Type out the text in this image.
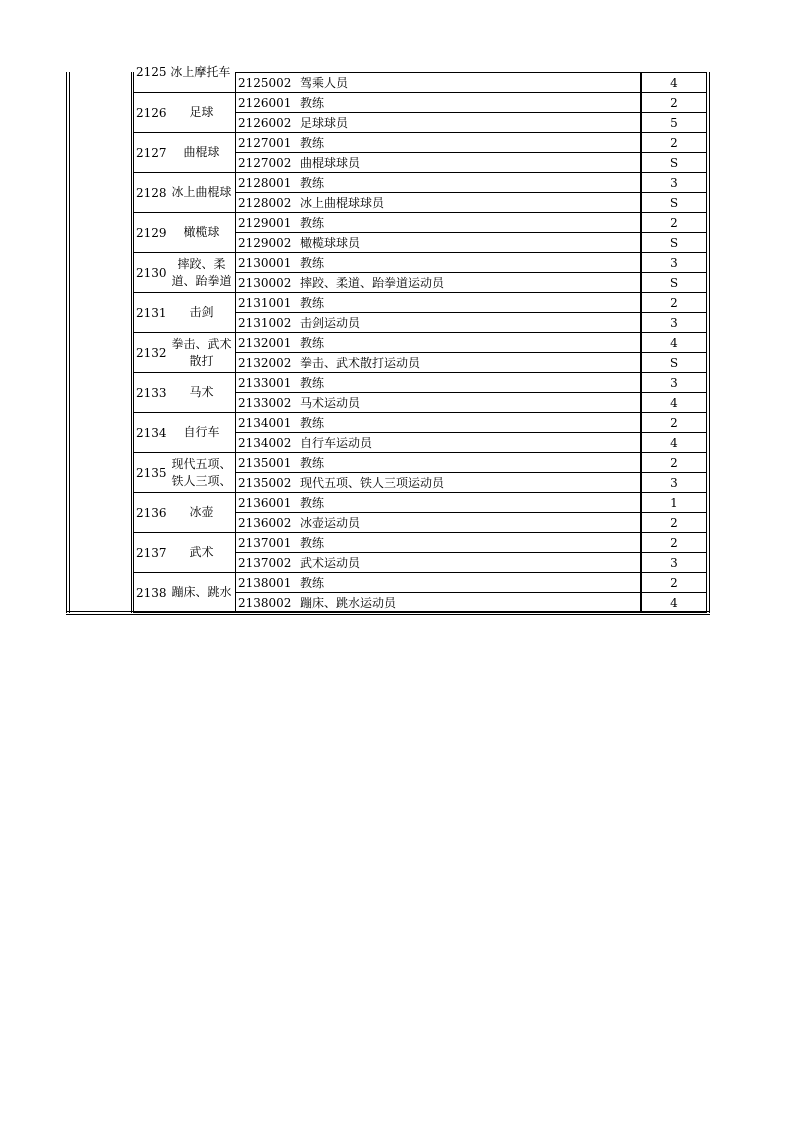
2125 冰上摩托车
2125002 驾乘人员	4
2126	足球
2126001 教练	2
2126002 足球球员	5
2127	曲棍球
2127001 教练	2
2127002 曲棍球球员	S
2128 冰上曲棍球
2128001 教练	3
2128002 冰上曲棍球球员	S
2129	橄榄球
2129001 教练	2
2129002 橄榄球球员	S
2130
摔跤、柔道、跆拳道
2130001 教练	3
2130002 摔跤、柔道、跆拳道运动员	S
2131	击剑
2131001 教练	2
2131002 击剑运动员	3
2132
拳击、武术散打
2132001 教练	4
2132002 拳击、武术散打运动员	S
2133	马术
2133001 教练	3
2133002 马术运动员	4
2134	自行车
2134001 教练	2
2134002 自行车运动员	4
2135
现代五项、铁人三项、
2135001 教练	2
2135002 现代五项、铁人三项运动员	3
2136	冰壶
2136001 教练	1
2136002 冰壶运动员	2
2137	武术
2137001 教练	2
2137002 武术运动员	3
2138 蹦床、跳水
2138001 教练	2
2138002 蹦床、跳水运动员	4
